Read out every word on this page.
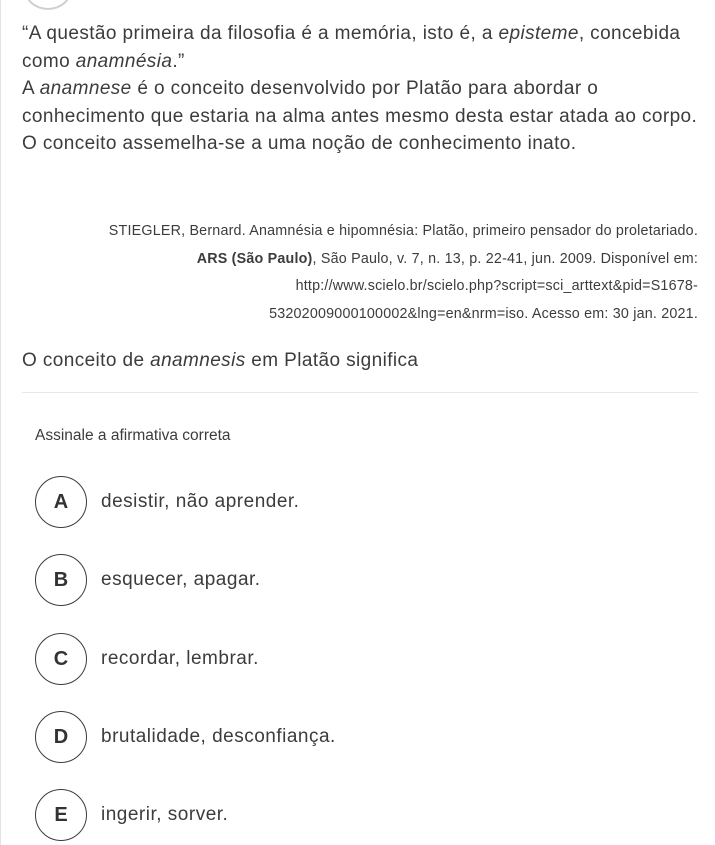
“A questão primeira da filosofia é a memória, isto é, a episteme, concebida como anamnésia.”

A anamnese é o conceito desenvolvido por Platão para abordar o conhecimento que estaria na alma antes mesmo desta estar atada ao corpo. O conceito assemelha-se a uma noção de conhecimento inato.

STIEGLER, Bernard. Anamnésia e hipomnésia: Platão, primeiro pensador do proletariado.
ARS (São Paulo), São Paulo, v. 7, n. 13, p. 22-41, jun. 2009. Disponível em:
http://www.scielo.br/scielo.php?script=sci_arttext&pid=S1678-
53202009000100002&lng=en&nrm=iso. Acesso em: 30 jan. 2021.
O conceito de anamnesis em Platão significa
Assinale a afirmativa correta
A	desistir, não aprender.
B	esquecer, apagar.
C	recordar, lembrar.
D	brutalidade, desconfiança.
E	ingerir, sorver.
